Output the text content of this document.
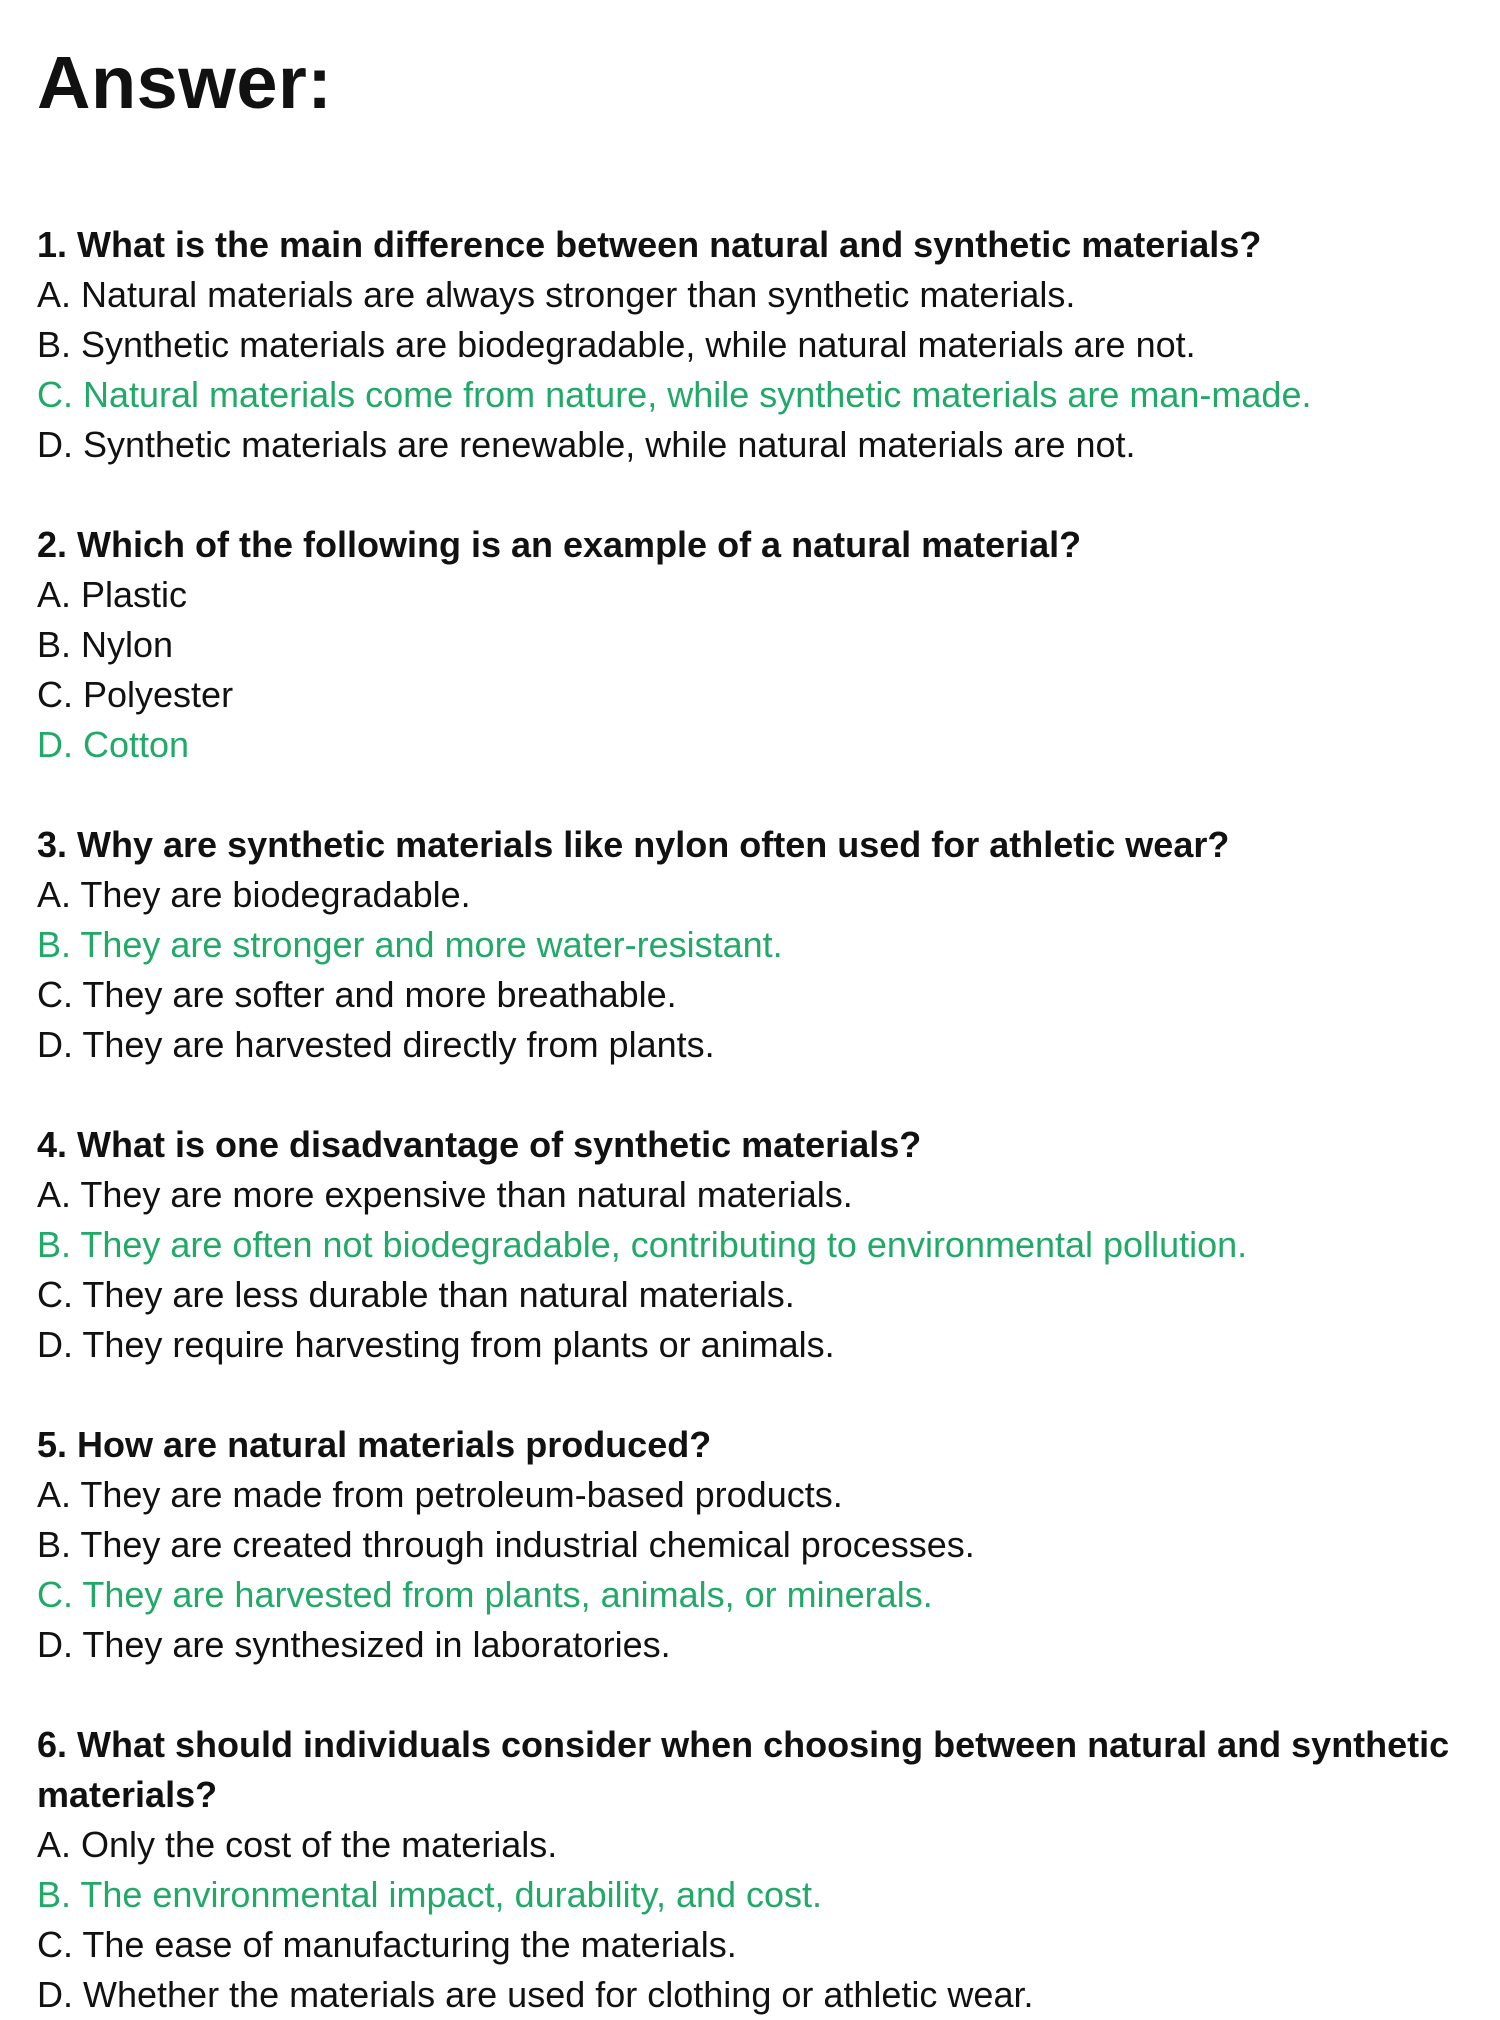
Answer:

1. What is the main difference between natural and synthetic materials?

A. Natural materials are always stronger than synthetic materials.

B. Synthetic materials are biodegradable, while natural materials are not.

C. Natural materials come from nature, while synthetic materials are man-made.

D. Synthetic materials are renewable, while natural materials are not.

2. Which of the following is an example of a natural material?

A. Plastic

B. Nylon

C. Polyester

D. Cotton

3. Why are synthetic materials like nylon often used for athletic wear?

A. They are biodegradable.

B. They are stronger and more water-resistant.

C. They are softer and more breathable.

D. They are harvested directly from plants.

4. What is one disadvantage of synthetic materials?

A. They are more expensive than natural materials.

B. They are often not biodegradable, contributing to environmental pollution.

C. They are less durable than natural materials.

D. They require harvesting from plants or animals.

5. How are natural materials produced?

A. They are made from petroleum-based products.

B. They are created through industrial chemical processes.

C. They are harvested from plants, animals, or minerals.

D. They are synthesized in laboratories.

6. What should individuals consider when choosing between natural and synthetic materials?

A. Only the cost of the materials.

B. The environmental impact, durability, and cost.

C. The ease of manufacturing the materials.

D. Whether the materials are used for clothing or athletic wear.
